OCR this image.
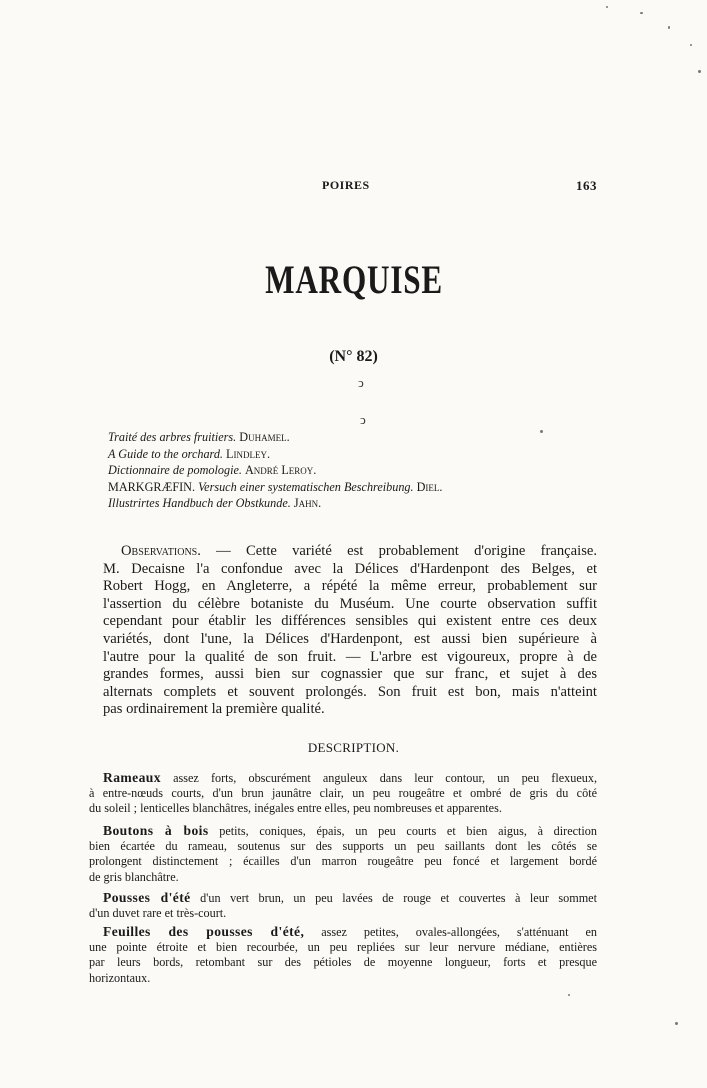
POIRES	163
MARQUISE
(N° 82)
ↄ
ↄ
Traité des arbres fruitiers. Duhamel.
A Guide to the orchard. Lindley.
Dictionnaire de pomologie. André Leroy.
MARKGRÆFIN. Versuch einer systematischen Beschreibung. Diel.
Illustrirtes Handbuch der Obstkunde. Jahn.
Observations. — Cette variété est probablement d'origine française.
M. Decaisne l'a confondue avec la Délices d'Hardenpont des Belges, et
Robert Hogg, en Angleterre, a répété la même erreur, probablement sur
l'assertion du célèbre botaniste du Muséum. Une courte observation suffit
cependant pour établir les différences sensibles qui existent entre ces deux
variétés, dont l'une, la Délices d'Hardenpont, est aussi bien supérieure à
l'autre pour la qualité de son fruit. — L'arbre est vigoureux, propre à de
grandes formes, aussi bien sur cognassier que sur franc, et sujet à des
alternats complets et souvent prolongés. Son fruit est bon, mais n'atteint
pas ordinairement la première qualité.
DESCRIPTION.
Rameaux assez forts, obscurément anguleux dans leur contour, un peu flexueux,
à entre-nœuds courts, d'un brun jaunâtre clair, un peu rougeâtre et ombré de gris du côté
du soleil ; lenticelles blanchâtres, inégales entre elles, peu nombreuses et apparentes.
Boutons à bois petits, coniques, épais, un peu courts et bien aigus, à direction
bien écartée du rameau, soutenus sur des supports un peu saillants dont les côtés se
prolongent distinctement ; écailles d'un marron rougeâtre peu foncé et largement bordé
de gris blanchâtre.
Pousses d'été d'un vert brun, un peu lavées de rouge et couvertes à leur sommet
d'un duvet rare et très-court.
Feuilles des pousses d'été, assez petites, ovales-allongées, s'atténuant en
une pointe étroite et bien recourbée, un peu repliées sur leur nervure médiane, entières
par leurs bords, retombant sur des pétioles de moyenne longueur, forts et presque
horizontaux.
